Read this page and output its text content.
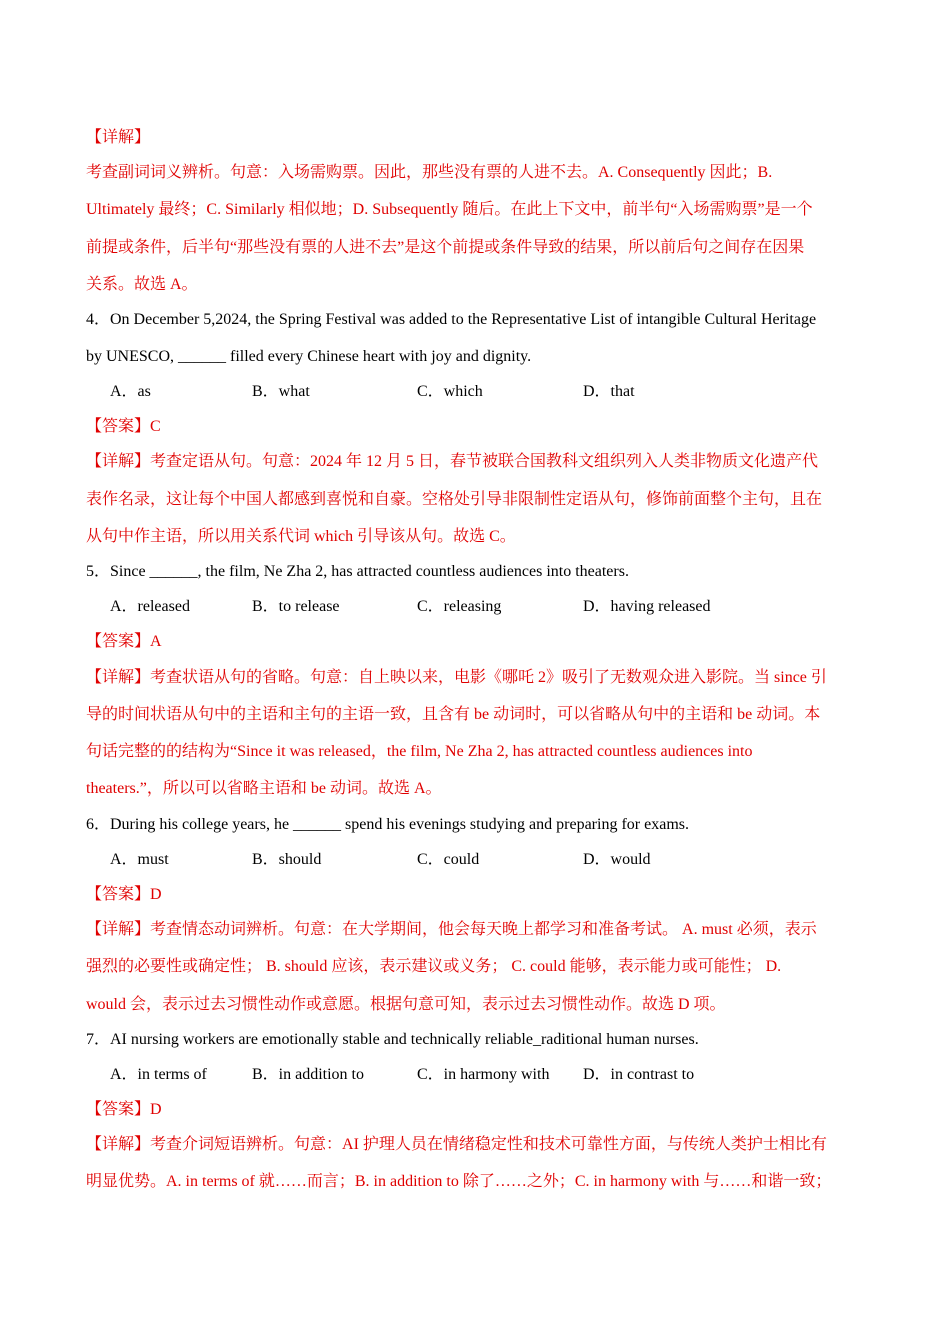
【详解】
考查副词词义辨析。句意：入场需购票。因此，那些没有票的人进不去。A. Consequently 因此；B.
Ultimately 最终；C. Similarly 相似地；D. Subsequently 随后。在此上下文中，前半句“入场需购票”是一个
前提或条件，后半句“那些没有票的人进不去”是这个前提或条件导致的结果，所以前后句之间存在因果
关系。故选 A。
4．On December 5,2024, the Spring Festival was added to the Representative List of intangible Cultural Heritage
by UNESCO, ______ filled every Chinese heart with joy and dignity.
A．as	B．what	C．which	D．that
【答案】C
【详解】考查定语从句。句意：2024 年 12 月 5 日，春节被联合国教科文组织列入人类非物质文化遗产代
表作名录，这让每个中国人都感到喜悦和自豪。空格处引导非限制性定语从句，修饰前面整个主句，且在
从句中作主语，所以用关系代词 which 引导该从句。故选 C。
5．Since ______, the film, Ne Zha 2, has attracted countless audiences into theaters.
A．released	B．to release	C．releasing	D．having released
【答案】A
【详解】考查状语从句的省略。句意：自上映以来，电影《哪吒 2》吸引了无数观众进入影院。当 since 引
导的时间状语从句中的主语和主句的主语一致，且含有 be 动词时，可以省略从句中的主语和 be 动词。本
句话完整的的结构为“Since it was released，the film, Ne Zha 2, has attracted countless audiences into
theaters.”，所以可以省略主语和 be 动词。故选 A。
6．During his college years, he ______ spend his evenings studying and preparing for exams.
A．must	B．should	C．could	D．would
【答案】D
【详解】考查情态动词辨析。句意：在大学期间，他会每天晚上都学习和准备考试。 A. must 必须，表示
强烈的必要性或确定性； B. should 应该，表示建议或义务； C. could 能够，表示能力或可能性； D.
would 会，表示过去习惯性动作或意愿。根据句意可知，表示过去习惯性动作。故选 D 项。
7．AI nursing workers are emotionally stable and technically reliable_raditional human nurses.
A．in terms of	B．in addition to	C．in harmony with D．in contrast to
【答案】D
【详解】考查介词短语辨析。句意：AI 护理人员在情绪稳定性和技术可靠性方面，与传统人类护士相比有
明显优势。A. in terms of 就……而言；B. in addition to 除了……之外；C. in harmony with 与……和谐一致；
